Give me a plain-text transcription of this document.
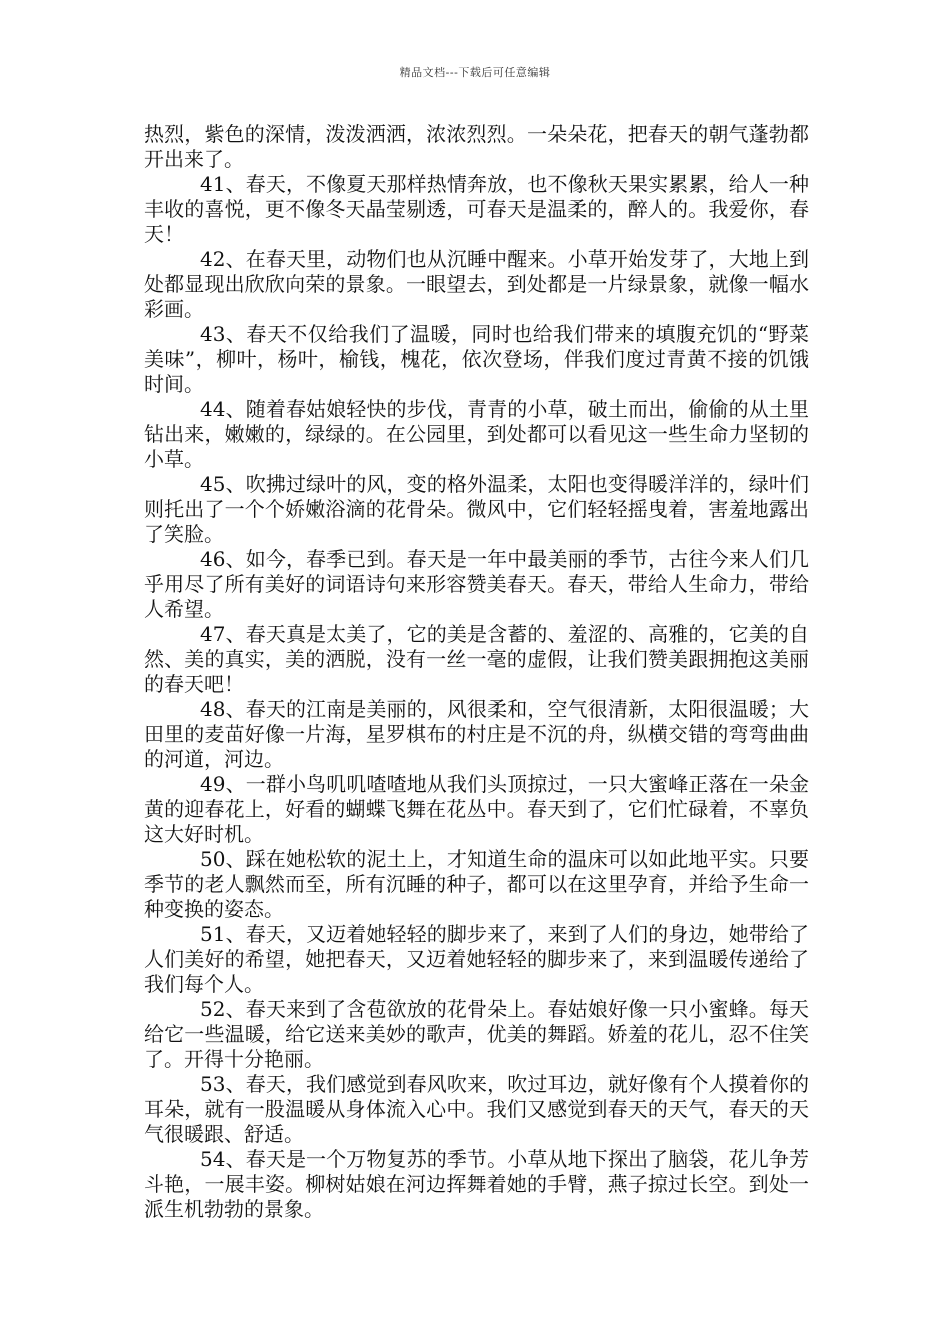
精品文档---下载后可任意编辑

热烈，紫色的深情，泼泼洒洒，浓浓烈烈。一朵朵花，把春天的朝气蓬勃都开出来了。

41、春天，不像夏天那样热情奔放，也不像秋天果实累累，给人一种丰收的喜悦，更不像冬天晶莹剔透，可春天是温柔的，醉人的。我爱你，春天！

42、在春天里，动物们也从沉睡中醒来。小草开始发芽了，大地上到处都显现出欣欣向荣的景象。一眼望去，到处都是一片绿景象，就像一幅水彩画。

43、春天不仅给我们了温暖，同时也给我们带来的填腹充饥的“野菜美味”，柳叶，杨叶，榆钱，槐花，依次登场，伴我们度过青黄不接的饥饿时间。

44、随着春姑娘轻快的步伐，青青的小草，破土而出，偷偷的从土里钻出来，嫩嫩的，绿绿的。在公园里，到处都可以看见这一些生命力坚韧的小草。

45、吹拂过绿叶的风，变的格外温柔，太阳也变得暖洋洋的，绿叶们则托出了一个个娇嫩浴滴的花骨朵。微风中，它们轻轻摇曳着，害羞地露出了笑脸。

46、如今，春季已到。春天是一年中最美丽的季节，古往今来人们几乎用尽了所有美好的词语诗句来形容赞美春天。春天，带给人生命力，带给人希望。

47、春天真是太美了，它的美是含蓄的、羞涩的、高雅的，它美的自然、美的真实，美的洒脱，没有一丝一毫的虚假，让我们赞美跟拥抱这美丽的春天吧！

48、春天的江南是美丽的，风很柔和，空气很清新，太阳很温暖；大田里的麦苗好像一片海，星罗棋布的村庄是不沉的舟，纵横交错的弯弯曲曲的河道，河边。

49、一群小鸟叽叽喳喳地从我们头顶掠过，一只大蜜峰正落在一朵金黄的迎春花上，好看的蝴蝶飞舞在花丛中。春天到了，它们忙碌着，不辜负这大好时机。

50、踩在她松软的泥土上，才知道生命的温床可以如此地平实。只要季节的老人飘然而至，所有沉睡的种子，都可以在这里孕育，并给予生命一种变换的姿态。

51、春天，又迈着她轻轻的脚步来了，来到了人们的身边，她带给了人们美好的希望，她把春天，又迈着她轻轻的脚步来了，来到温暖传递给了我们每个人。

52、春天来到了含苞欲放的花骨朵上。春姑娘好像一只小蜜蜂。每天给它一些温暖，给它送来美妙的歌声，优美的舞蹈。娇羞的花儿，忍不住笑了。开得十分艳丽。

53、春天，我们感觉到春风吹来，吹过耳边，就好像有个人摸着你的耳朵，就有一股温暖从身体流入心中。我们又感觉到春天的天气，春天的天气很暖跟、舒适。

54、春天是一个万物复苏的季节。小草从地下探出了脑袋，花儿争芳斗艳，一展丰姿。柳树姑娘在河边挥舞着她的手臂，燕子掠过长空。到处一派生机勃勃的景象。
